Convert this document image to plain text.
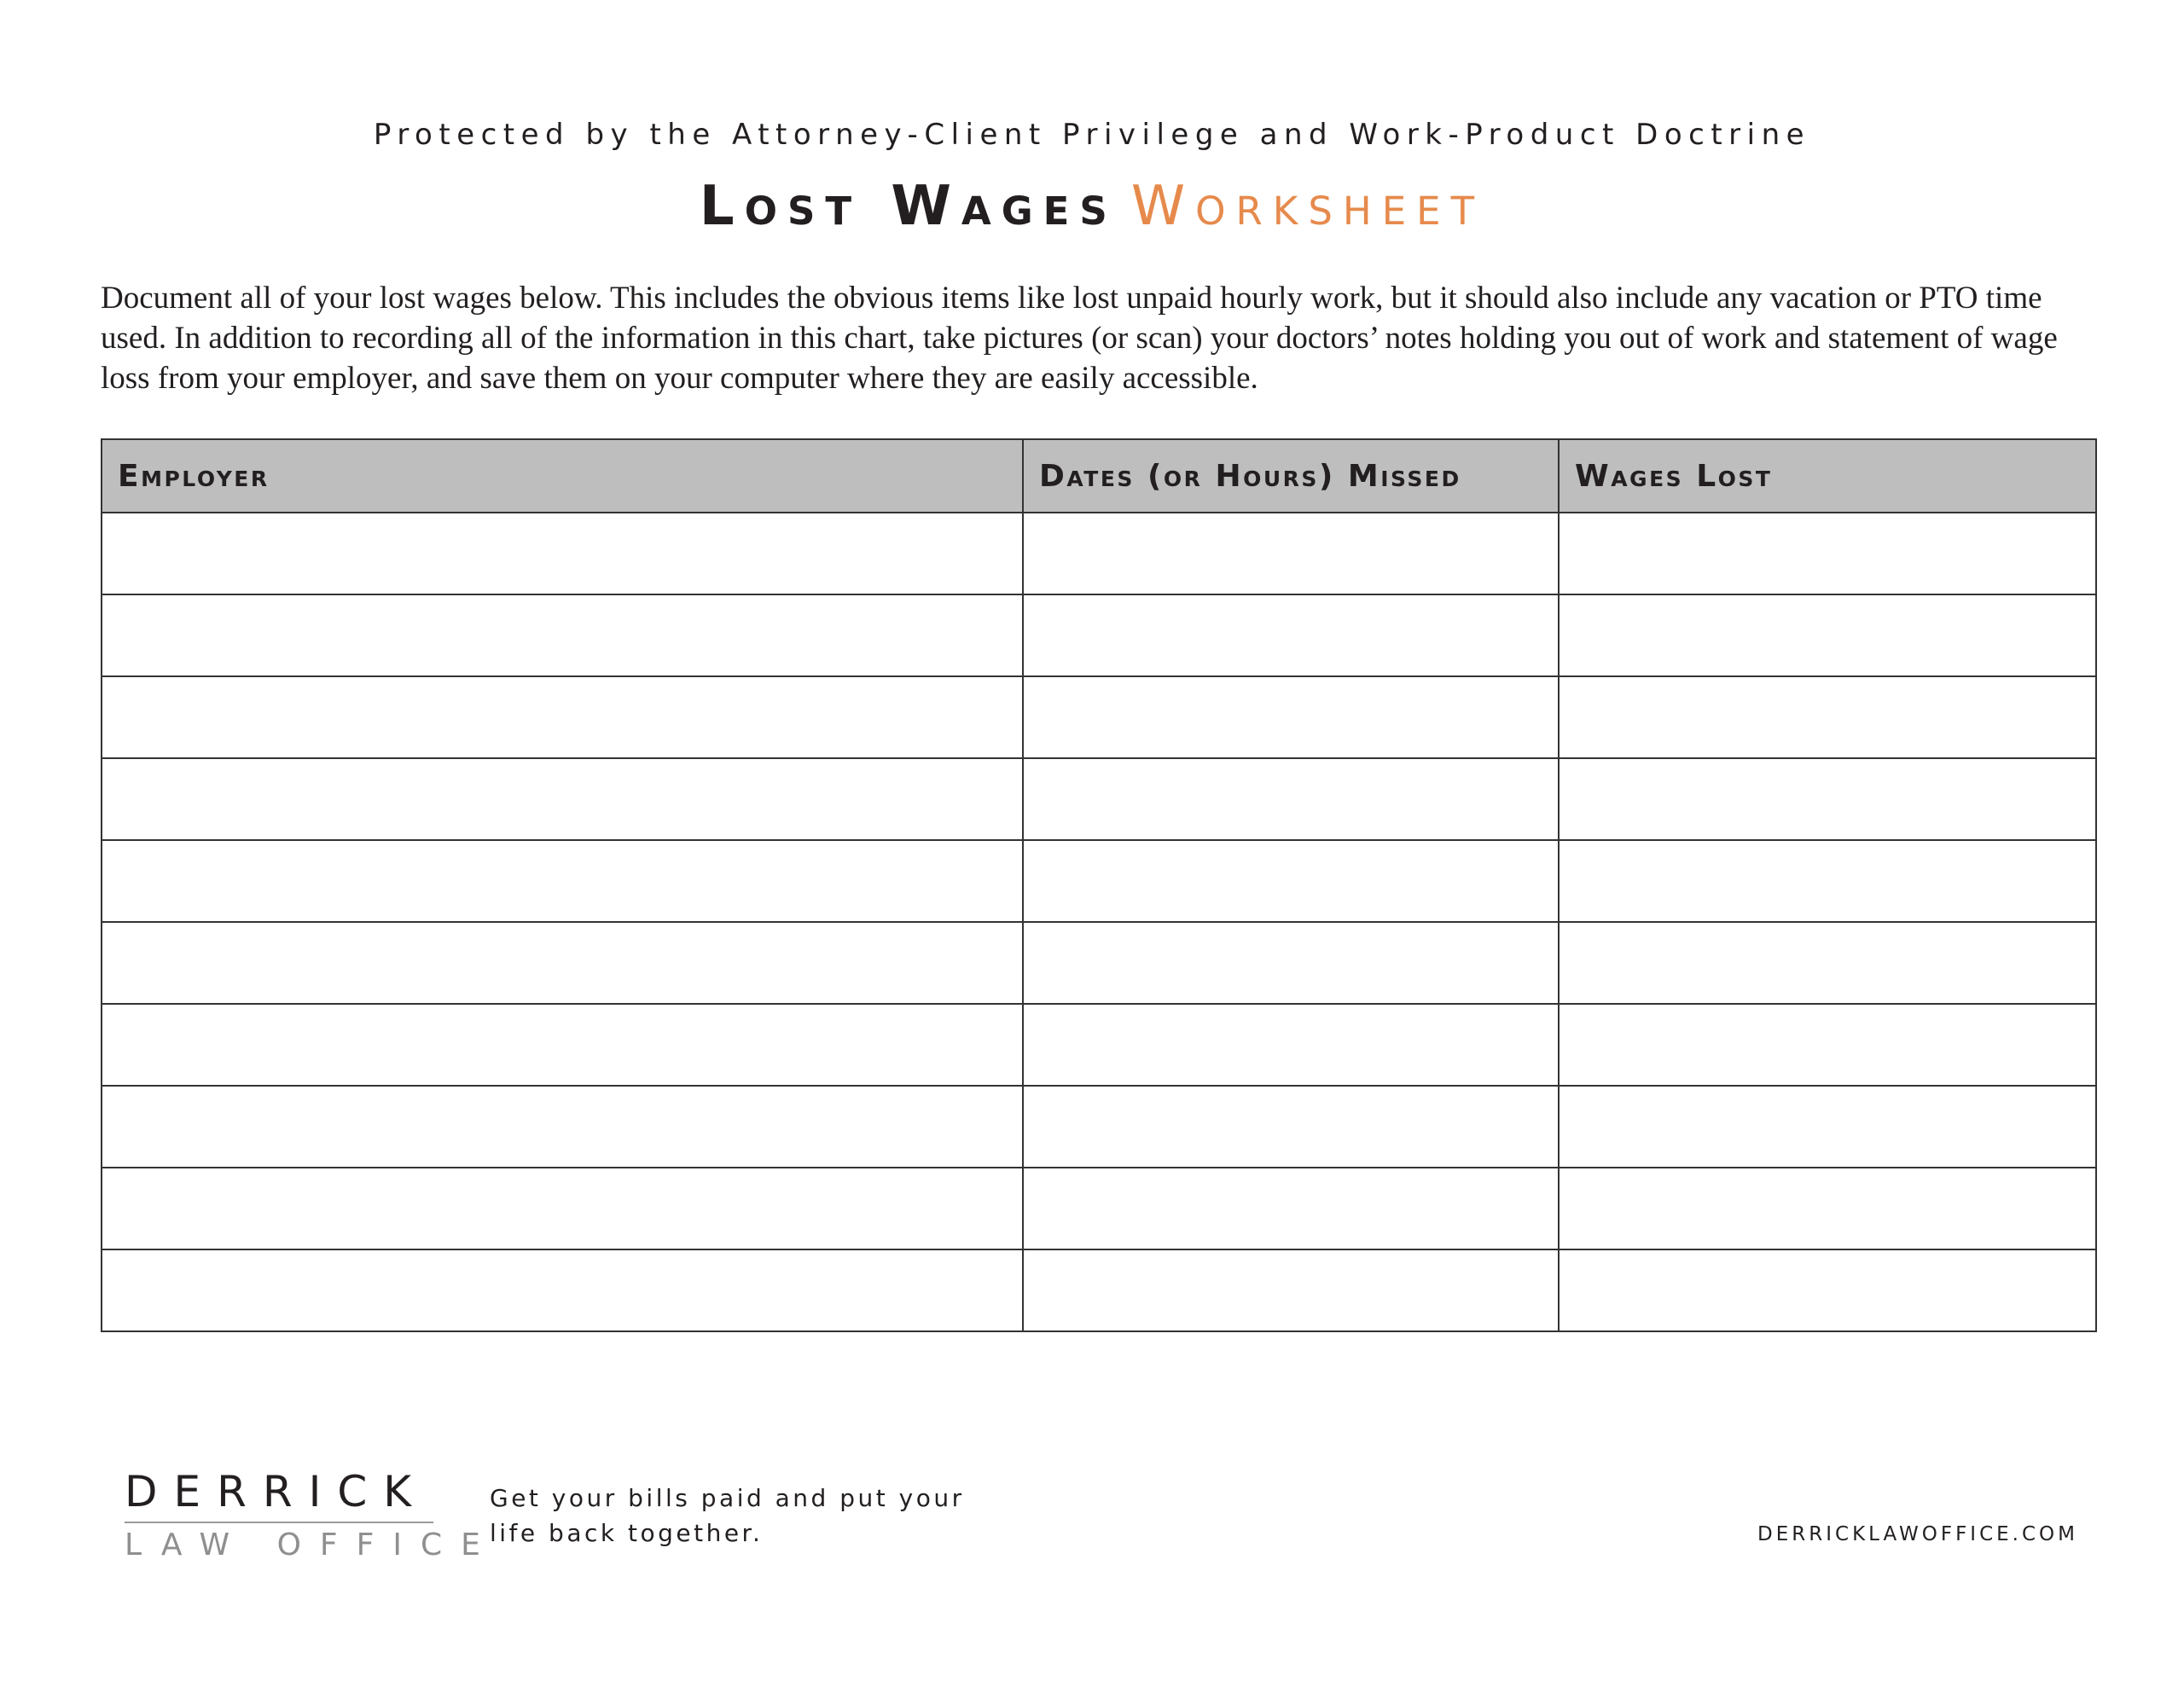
Protected by the Attorney-Client Privilege and Work-Product Doctrine
Lost Wages Worksheet

Document all of your lost wages below. This includes the obvious items like lost unpaid hourly work, but it should also include any vacation or PTO time used. In addition to recording all of the information in this chart, take pictures (or scan) your doctors’ notes holding you out of work and statement of wage loss from your employer, and save them on your computer where they are easily accessible.

Employer	Dates (or Hours) Missed	Wages Lost

DERRICK
LAW OFFICE
Get your bills paid and put your
life back together.	DERRICKLAWOFFICE.COM
